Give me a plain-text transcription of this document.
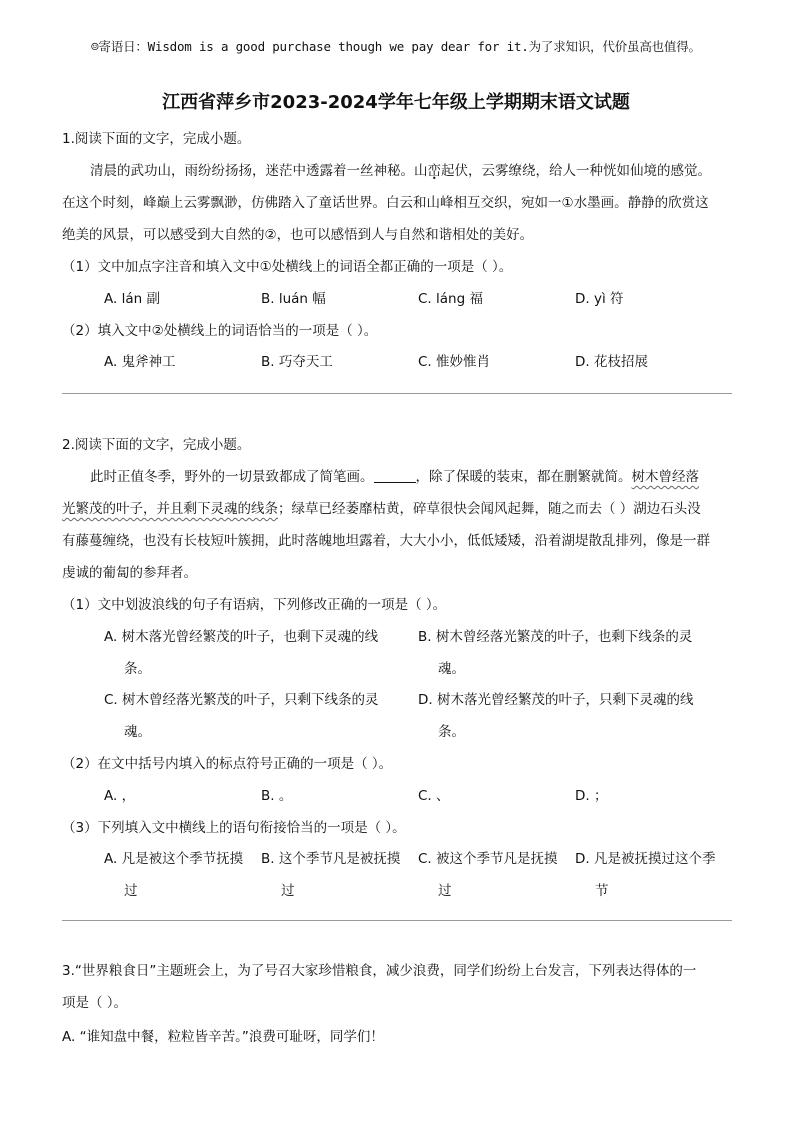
☺寄语日：Wisdom is a good purchase though we pay dear for it.为了求知识，代价虽高也值得。
江西省萍乡市2023-2024学年七年级上学期期末语文试题
1.阅读下面的文字，完成小题。
清晨的武功山，雨纷纷扬扬，迷茫中透露着一丝神秘。山峦起伏，云雾缭绕，给人一种恍如仙境的感觉。
在这个时刻，峰巅上云雾飘渺，仿佛踏入了童话世界。白云和山峰相互交织，宛如一①水墨画。静静的欣赏这
绝美的风景，可以感受到大自然的②，也可以感悟到人与自然和谐相处的美好。
（1）文中加点字注音和填入文中①处横线上的词语全都正确的一项是（ ）。
A. lán 副	B. luán 幅	C. láng 福	D. yì 符
（2）填入文中②处横线上的词语恰当的一项是（ ）。
A. 鬼斧神工	B. 巧夺天工	C. 惟妙惟肖	D. 花枝招展
2.阅读下面的文字，完成小题。
此时正值冬季，野外的一切景致都成了简笔画。	，除了保暖的装束，都在删繁就简。树木曾经落
光繁茂的叶子，并且剩下灵魂的线条；绿草已经萎靡枯黄，碎草很快会闻风起舞，随之而去（ ）湖边石头没
有藤蔓缠绕，也没有长枝短叶簇拥，此时落魄地坦露着，大大小小，低低矮矮，沿着湖堤散乱排列，像是一群
虔诚的葡匐的参拜者。
（1）文中划波浪线的句子有语病，下列修改正确的一项是（ ）。
A. 树木落光曾经繁茂的叶子，也剩下灵魂的线
条。
B. 树木曾经落光繁茂的叶子，也剩下线条的灵
魂。
C. 树木曾经落光繁茂的叶子，只剩下线条的灵
魂。
D. 树木落光曾经繁茂的叶子，只剩下灵魂的线
条。
（2）在文中括号内填入的标点符号正确的一项是（ ）。
A. ，	B. 。	C. 、	D. ；
（3）下列填入文中横线上的语句衔接恰当的一项是（ ）。
A. 凡是被这个季节抚摸
过
B. 这个季节凡是被抚摸
过
C. 被这个季节凡是抚摸
过
D. 凡是被抚摸过这个季
节
3.“世界粮食日”主题班会上，为了号召大家珍惜粮食，减少浪费，同学们纷纷上台发言，下列表达得体的一
项是（ ）。
A. “谁知盘中餐，粒粒皆辛苦。”浪费可耻呀，同学们！
